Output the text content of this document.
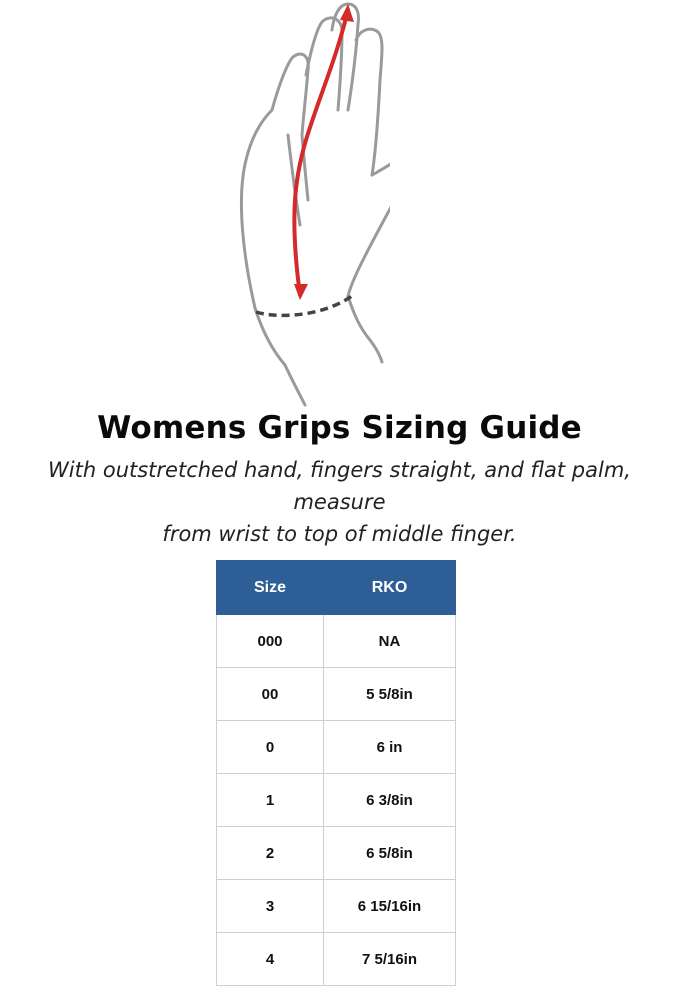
Womens Grips Sizing Guide
With outstretched hand, fingers straight, and flat palm, measure
from wrist to top of middle finger.
Size	RKO
000	NA
00	5 5/8in
0	6 in
1	6 3/8in
2	6 5/8in
3	6 15/16in
4	7 5/16in
